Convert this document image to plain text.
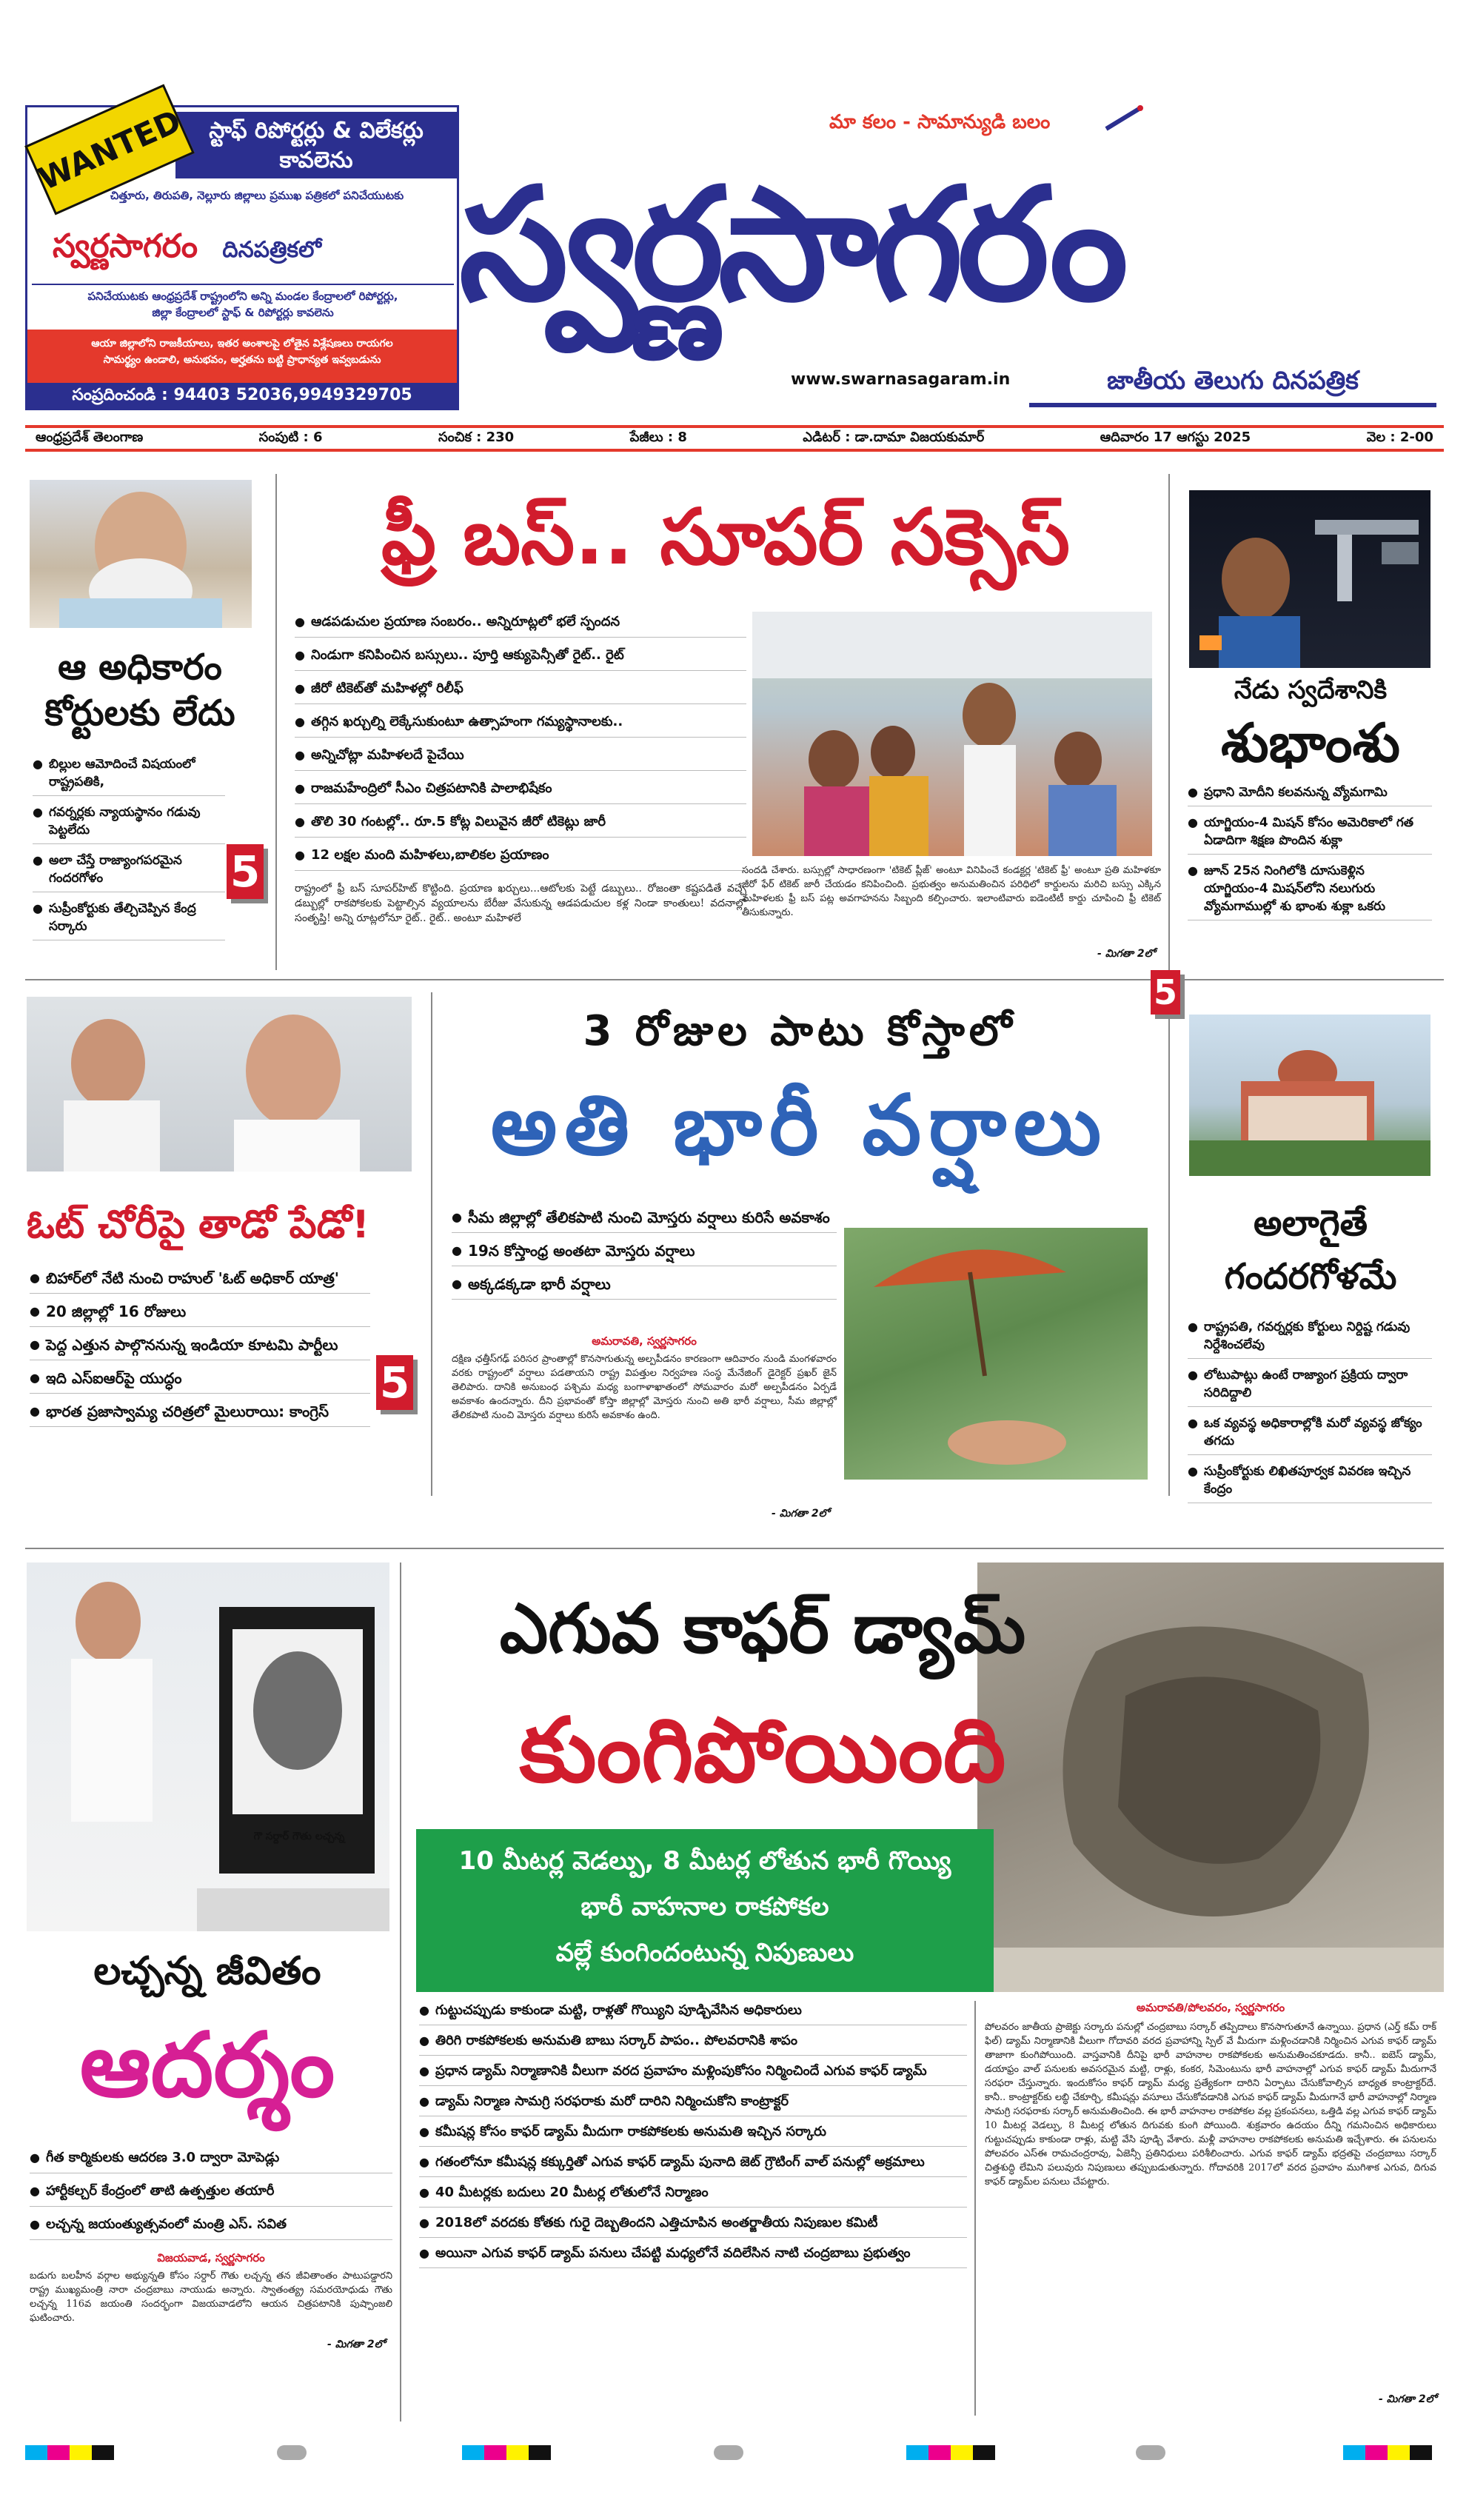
స్టాఫ్ రిపోర్టర్లు & విలేకర్లు కావలెను
WANTED
చిత్తూరు, తిరుపతి, నెల్లూరు జిల్లాలు ప్రముఖ పత్రికలో పనిచేయుటకు
స్వర్ణసాగరం దినపత్రికలో
పనిచేయుటకు ఆంధ్రప్రదేశ్ రాష్ట్రంలోని అన్ని మండల కేంద్రాలలో రిపోర్టర్లు,
జిల్లా కేంద్రాలలో స్టాఫ్ & రిపోర్టర్లు కావలెను
ఆయా జిల్లాలోని రాజకీయాలు, ఇతర అంశాలపై లోతైన విశ్లేషణలు రాయగల
సామర్థ్యం ఉండాలి, అనుభవం, అర్హతను బట్టి ప్రాధాన్యత ఇవ్వబడును
సంప్రదించండి : 94403 52036,9949329705
మా కలం - సామాన్యుడి బలం
స్వర్ణసాగరం
www.swarnasagaram.in	జాతీయ తెలుగు దినపత్రిక
ఆంధ్రప్రదేశ్ తెలంగాణ	సంపుటి : 6	సంచిక : 230	పేజీలు : 8	ఎడిటర్ : డా.దామా విజయకుమార్	ఆదివారం 17 ఆగస్టు 2025	వెల : 2-00
ఆ అధికారం కోర్టులకు లేదు
● బిల్లుల ఆమోదించే విషయంలో రాష్ట్రపతికి,
● గవర్నర్లకు న్యాయస్థానం గడువు పెట్టలేదు
● అలా చేస్తే రాజ్యాంగపరమైన గందరగోళం
● సుప్రీంకోర్టుకు తేల్చిచెప్పిన కేంద్ర సర్కారు
5
ఫ్రీ బస్.. సూపర్ సక్సెస్
● ఆడపడుచుల ప్రయాణ సంబరం.. అన్నిరూట్లలో భలే స్పందన
● నిండుగా కనిపించిన బస్సులు.. పూర్తి ఆక్యుపెన్సీతో రైట్.. రైట్
● జీరో టికెట్‌తో మహిళల్లో రిలీఫ్
● తగ్గిన ఖర్చుల్ని లెక్కేసుకుంటూ ఉత్సాహంగా గమ్యస్థానాలకు..
● అన్నిచోట్లా మహిళలదే పైచేయి
● రాజమహేంద్రిలో సీఎం చిత్రపటానికి పాలాభిషేకం
● తొలి 30 గంటల్లో.. రూ.5 కోట్ల విలువైన జీరో టికెట్లు జారీ
● 12 లక్షల మంది మహిళలు,బాలికల ప్రయాణం
రాష్ట్రంలో ఫ్రీ బస్ సూపర్‌హిట్ కొట్టింది. ప్రయాణ ఖర్చులు...ఆటోలకు పెట్టే డబ్బులు.. రోజంతా కష్టపడితే వచ్చే డబ్బుల్లో రాకపోకలకు పెట్టాల్సిన వ్యయాలను బేరీజు వేసుకున్న ఆడపడుచుల కళ్ల నిండా కాంతులు! వదనాల్లో సంతృప్తి! అన్ని రూట్లలోనూ రైట్.. రైట్.. అంటూ మహిళలే
సందడి చేశారు. బస్సుల్లో సాధారణంగా 'టికెట్ ప్లీజ్' అంటూ వినిపించే కండక్టర్ల 'టికెట్ ఫ్రీ' అంటూ ప్రతి మహిళకూ జీరో ఫేర్ టికెట్ జారీ చేయడం కనిపించింది. ప్రభుత్వం అనుమతించిన పరిధిలో కార్డులను మరిచి బస్సు ఎక్కిన మహిళలకు ఫ్రీ బస్ పట్ల అవగాహనను సిబ్బంది కల్పించారు. ఇలాంటివారు ఐడెంటిటీ కార్డు చూపించి ఫ్రీ టికెట్ తీసుకున్నారు.
- మిగతా 2లో
నేడు స్వదేశానికి
శుభాంశు
● ప్రధాని మోదీని కలవనున్న వ్యోమగామి
● యాగ్జియం-4 మిషన్ కోసం అమెరికాలో గత ఏడాదిగా శిక్షణ పొందిన శుక్లా
● జూన్ 25న నింగిలోకి దూసుకెళ్లిన యాగ్జియం-4 మిషన్‌లోని నలుగురు వ్యోమగాముల్లో శు భాంశు శుక్లా ఒకరు
5
ఓట్ చోరీపై తాడో పేడో!
● బిహార్‌లో నేటి నుంచి రాహుల్ 'ఓట్ అధికార్ యాత్ర'
● 20 జిల్లాల్లో 16 రోజులు
● పెద్ద ఎత్తున పాల్గొననున్న ఇండియా కూటమి పార్టీలు
● ఇది ఎస్‌ఐఆర్‌పై యుద్ధం
● భారత ప్రజాస్వామ్య చరిత్రలో మైలురాయి: కాంగ్రెస్
5
3 రోజుల పాటు కోస్తాలో
అతి భారీ వర్షాలు
● సీమ జిల్లాల్లో తేలికపాటి నుంచి మోస్తరు వర్షాలు కురిసే అవకాశం
● 19న కోస్తాంధ్ర అంతటా మోస్తరు వర్షాలు
● అక్కడక్కడా భారీ వర్షాలు
అమరావతి, స్వర్ణసాగరం
దక్షిణ ఛత్తీస్‌గఢ్ పరిసర ప్రాంతాల్లో కొనసాగుతున్న అల్పపీడనం కారణంగా ఆదివారం నుండి మంగళవారం వరకు రాష్ట్రంలో వర్షాలు పడతాయని రాష్ట్ర విపత్తుల నిర్వహణ సంస్థ మేనేజింగ్ డైరెక్టర్ ప్రఖర్ జైన్ తెలిపారు. దానికి అనుబంధ పశ్చిమ మధ్య బంగాళాఖాతంలో సోమవారం మరో అల్పపీడనం ఏర్పడే అవకాశం ఉందన్నారు. దీని ప్రభావంతో కోస్తా జిల్లాల్లో మోస్తరు నుంచి అతి భారీ వర్షాలు, సీమ జిల్లాల్లో తేలికపాటి నుంచి మోస్తరు వర్షాలు కురిసే అవకాశం ఉంది.
- మిగతా 2లో
అలాగైతే గందరగోళమే
● రాష్ట్రపతి, గవర్నర్లకు కోర్టులు నిర్దిష్ట గడువు నిర్దేశించలేవు
● లోటుపాట్లు ఉంటే రాజ్యాంగ ప్రక్రియ ద్వారా సరిదిద్దాలి
● ఒక వ్యవస్థ అధికారాల్లోకి మరో వ్యవస్థ జోక్యం తగదు
● సుప్రీంకోర్టుకు లిఖితపూర్వక వివరణ ఇచ్చిన కేంద్రం
గౌ సర్దార్ గౌతు లచ్చన్న
లచ్చన్న జీవితం
ఆదర్శం
● గీత కార్మికులకు ఆదరణ 3.0 ద్వారా మోపెడ్లు
● హార్టీకల్చర్ కేంద్రంలో తాటి ఉత్పత్తుల తయారీ
● లచ్చన్న జయంత్యుత్సవంలో మంత్రి ఎస్. సవిత
విజయవాడ, స్వర్ణసాగరం
బడుగు బలహీన వర్గాల అభ్యున్నతి కోసం సర్దార్ గౌతు లచ్చన్న తన జీవితాంతం పాటుపడ్డారని రాష్ట్ర ముఖ్యమంత్రి నారా చంద్రబాబు నాయుడు అన్నారు. స్వాతంత్య్ర సమరయోధుడు గౌతు లచ్చన్న 116వ జయంతి సందర్భంగా విజయవాడలోని ఆయన చిత్రపటానికి పుష్పాంజలి ఘటించారు.
- మిగతా 2లో
ఎగువ కాఫర్ డ్యామ్
కుంగిపోయింది
10 మీటర్ల వెడల్పు, 8 మీటర్ల లోతున భారీ గొయ్యి
భారీ వాహనాల రాకపోకల
వల్లే కుంగిందంటున్న నిపుణులు
● గుట్టుచప్పుడు కాకుండా మట్టి, రాళ్లతో గొయ్యిని పూడ్చివేసిన అధికారులు
● తిరిగి రాకపోకలకు అనుమతి బాబు సర్కార్ పాపం.. పోలవరానికి శాపం
● ప్రధాన డ్యామ్ నిర్మాణానికి వీలుగా వరద ప్రవాహం మళ్లింపుకోసం నిర్మించిందే ఎగువ కాఫర్ డ్యామ్
● డ్యామ్ నిర్మాణ సామగ్రి సరఫరాకు మరో దారిని నిర్మించుకోని కాంట్రాక్టర్
● కమీషన్ల కోసం కాఫర్ డ్యామ్ మీదుగా రాకపోకలకు అనుమతి ఇచ్చిన సర్కారు
● గతంలోనూ కమీషన్ల కక్కుర్తితో ఎగువ కాఫర్ డ్యామ్ పునాది జెట్ గ్రౌటింగ్ వాల్ పనుల్లో అక్రమాలు
● 40 మీటర్లకు బదులు 20 మీటర్ల లోతులోనే నిర్మాణం
● 2018లో వరదకు కోతకు గురై దెబ్బతిందని ఎత్తిచూపిన అంతర్జాతీయ నిపుణుల కమిటీ
● అయినా ఎగువ కాఫర్ డ్యామ్ పనులు చేపట్టి మధ్యలోనే వదిలేసిన నాటి చంద్రబాబు ప్రభుత్వం
అమరావతి/పోలవరం, స్వర్ణసాగరం
పోలవరం జాతీయ ప్రాజెక్టు సర్కారు పనుల్లో చంద్రబాబు సర్కార్ తప్పిదాలు కొనసాగుతూనే ఉన్నాయి. ప్రధాన (ఎర్త్ కమ్ రాక్ ఫిల్) డ్యామ్ నిర్మాణానికి వీలుగా గోదావరి వరద ప్రవాహాన్ని స్పిల్ వే మీదుగా మళ్లించడానికి నిర్మించిన ఎగువ కాఫర్ డ్యామ్ తాజాగా కుంగిపోయింది. వాస్తవానికి దీనిపై భారీ వాహనాల రాకపోకలకు అనుమతించకూడదు. కానీ.. ఐబెస్ డ్యామ్, డయాఫ్రం వాల్ పనులకు అవసరమైన మట్టి, రాళ్లు, కంకర, సిమెంటును భారీ వాహనాల్లో ఎగువ కాఫర్ డ్యామ్ మీదుగానే సరఫరా చేస్తున్నారు. ఇందుకోసం కాఫర్ డ్యామ్ మధ్య ప్రత్యేకంగా దారిని ఏర్పాటు చేసుకోవాల్సిన బాధ్యత కాంట్రాక్టర్‌దే. కానీ.. కాంట్రాక్టర్‌కు లబ్ధి చేకూర్చి, కమీషన్లు వసూలు చేసుకోవడానికి ఎగువ కాఫర్ డ్యామ్ మీదుగానే భారీ వాహనాల్లో నిర్మాణ సామగ్రి సరఫరాకు సర్కార్ అనుమతించింది. ఈ భారీ వాహనాల రాకపోకల వల్ల ప్రకంపనలు, ఒత్తిడి వల్ల ఎగువ కాఫర్ డ్యామ్ 10 మీటర్ల వెడల్పు, 8 మీటర్ల లోతున దిగువకు కుంగి పోయింది. శుక్రవారం ఉదయం దీన్ని గమనించిన అధికారులు గుట్టుచప్పుడు కాకుండా రాళ్లు, మట్టి వేసి పూడ్చి వేశారు. మళ్లీ వాహనాల రాకపోకలకు అనుమతి ఇచ్చేశారు. ఈ పనులను పోలవరం ఎస్‌ఈ రామచంద్రరావు, ఏజెన్సీ ప్రతినిధులు పరిశీలించారు. ఎగువ కాఫర్ డ్యామ్ భద్రతపై చంద్రబాబు సర్కార్ చిత్తశుద్ధి లేమిని పలువురు నిపుణులు తప్పుబడుతున్నారు. గోదావరికి 2017లో వరద ప్రవాహం ముగిశాక ఎగువ, దిగువ కాఫర్ డ్యామ్‌ల పనులు చేపట్టారు.
- మిగతా 2లో
